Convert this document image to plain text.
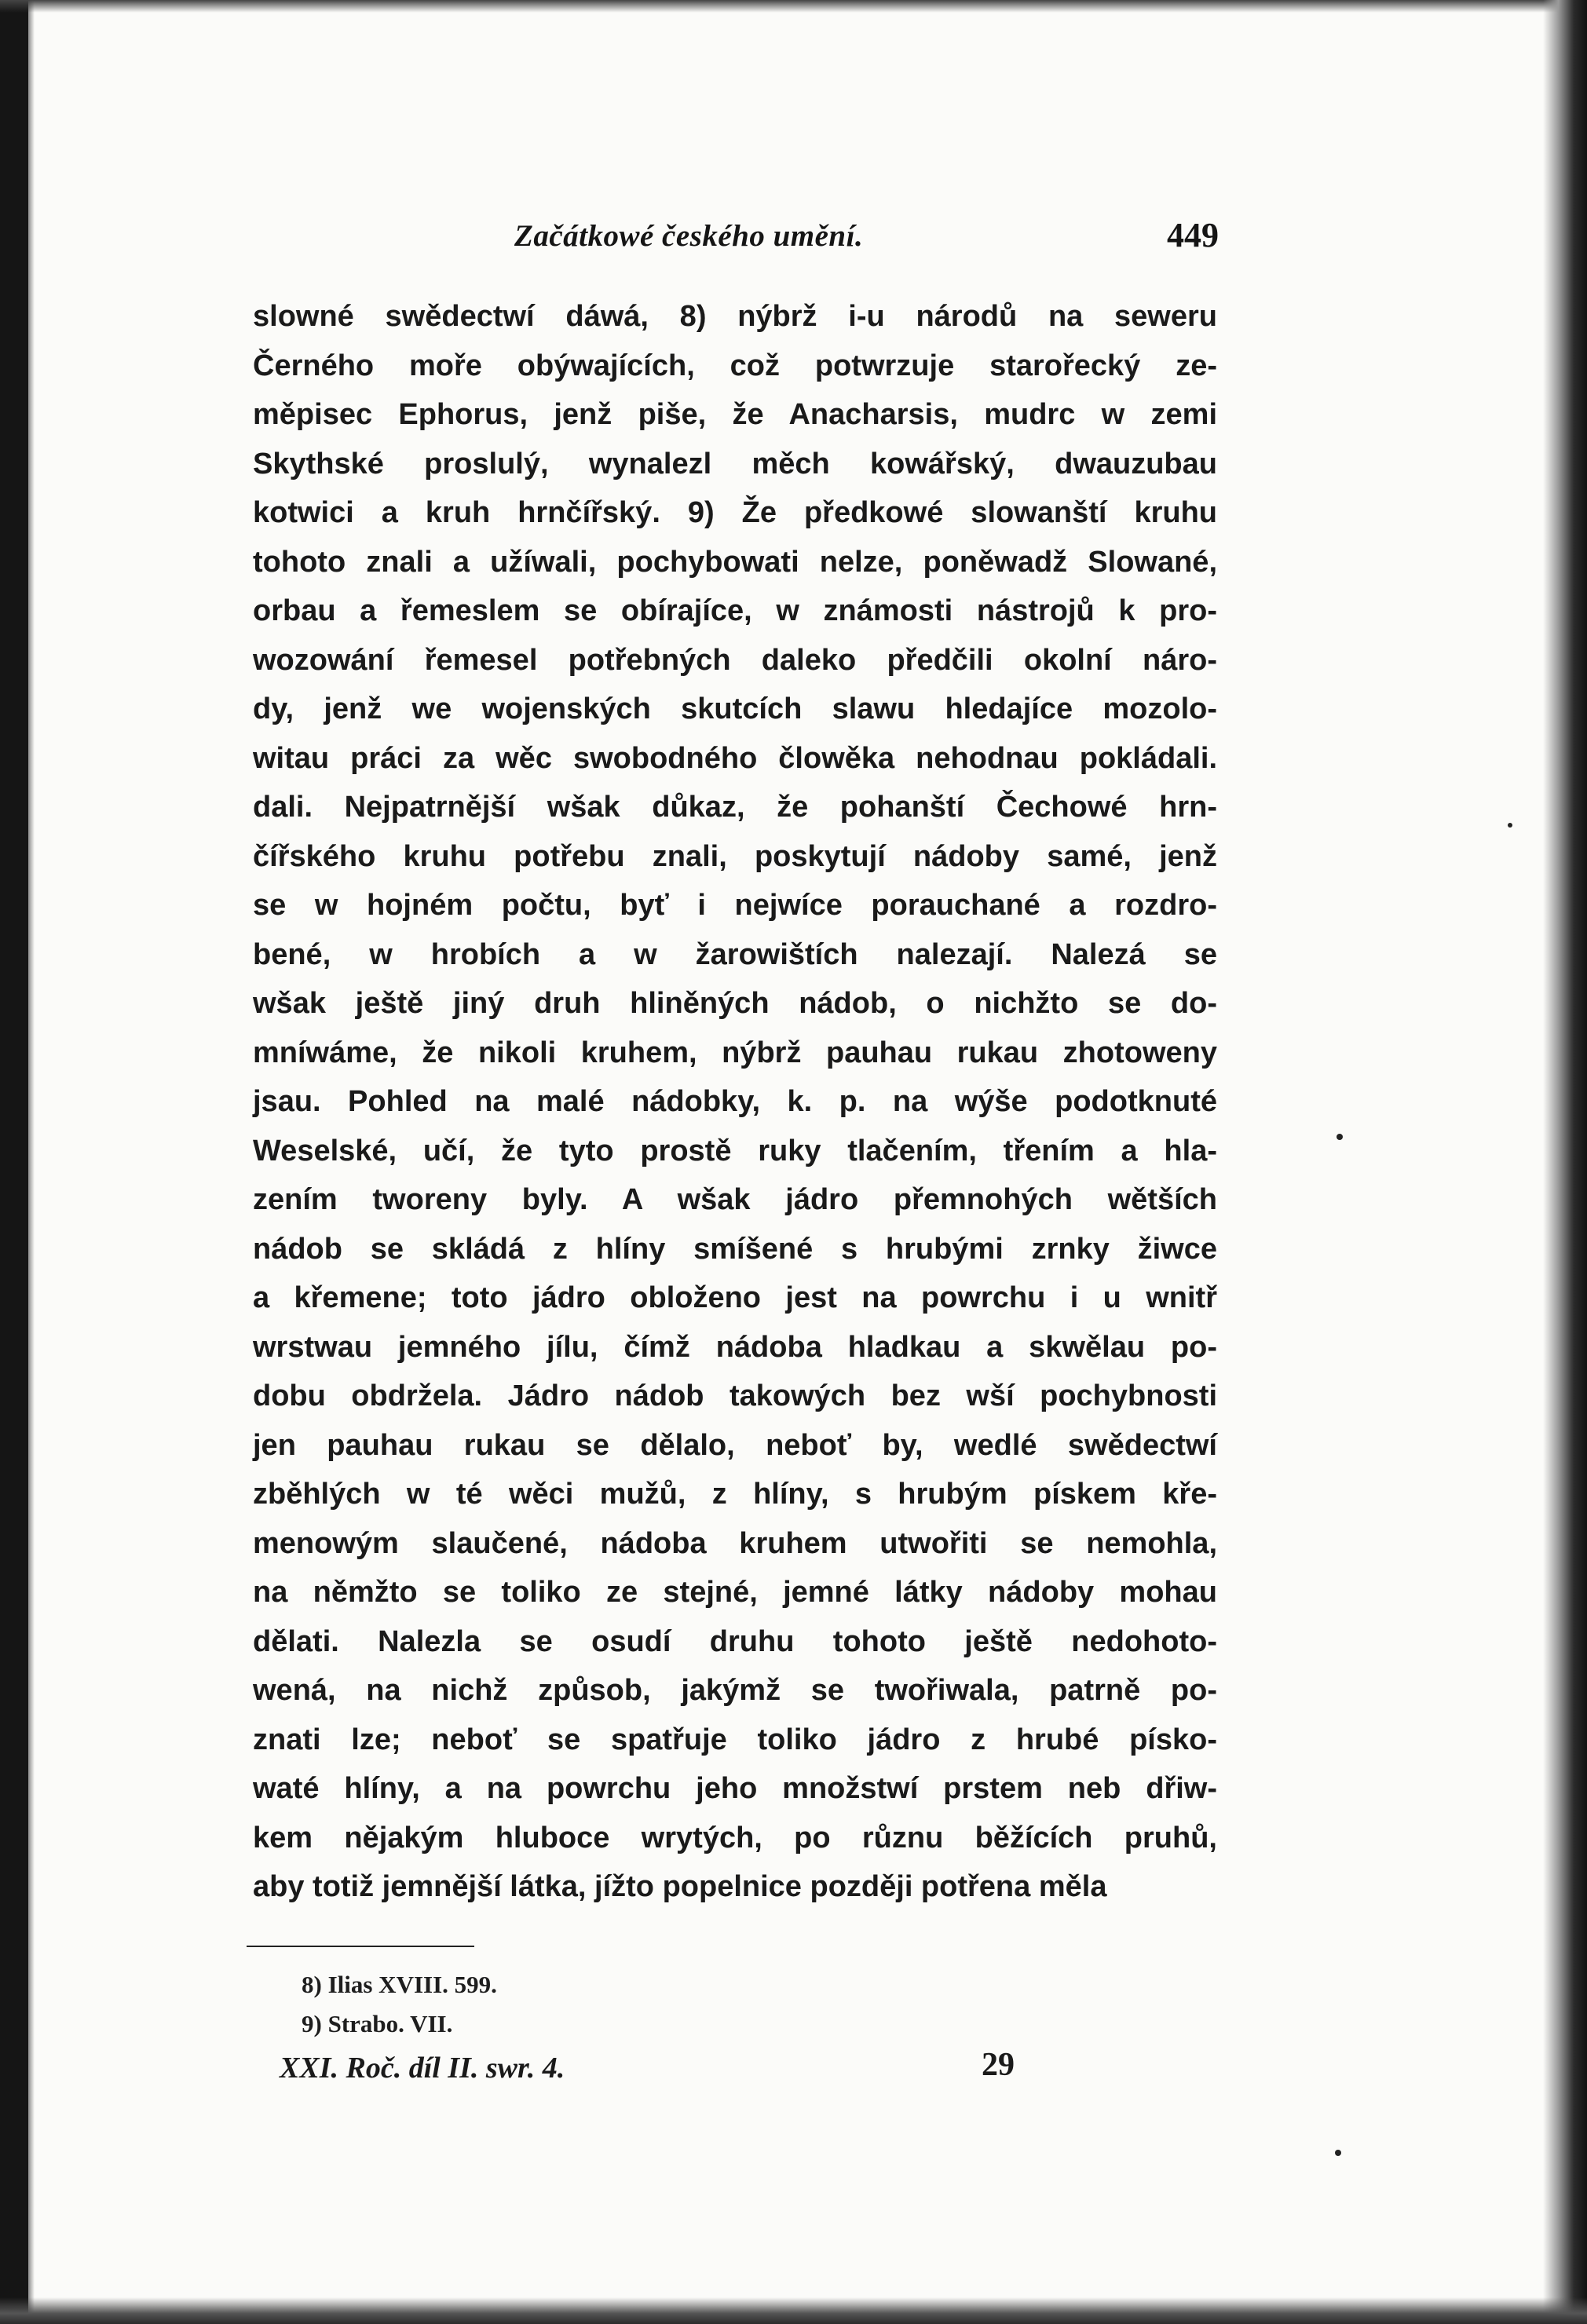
Začátkowé českého umění.	449
slowné swědectwí dáwá, 8) nýbrž i-u národů na seweru
Černého moře obýwajících, což potwrzuje starořecký ze-
měpisec Ephorus, jenž piše, že Anacharsis, mudrc w zemi
Skythské proslulý, wynalezl měch kowářský, dwauzubau
kotwici a kruh hrnčířský. 9) Že předkowé slowanští kruhu
tohoto znali a užíwali, pochybowati nelze, poněwadž Slowané,
orbau a řemeslem se obírajíce, w známosti nástrojů k pro-
wozowání řemesel potřebných daleko předčili okolní náro-
dy, jenž we wojenských skutcích slawu hledajíce mozolo-
witau práci za wěc swobodného člowěka nehodnau pokládali.
dali. Nejpatrnější wšak důkaz, že pohanští Čechowé hrn-
čířského kruhu potřebu znali, poskytují nádoby samé, jenž
se w hojném počtu, byť i nejwíce porauchané a rozdro-
bené, w hrobích a w žarowištích nalezají. Nalezá se
wšak ještě jiný druh hliněných nádob, o nichžto se do-
mníwáme, že nikoli kruhem, nýbrž pauhau rukau zhotoweny
jsau. Pohled na malé nádobky, k. p. na wýše podotknuté
Weselské, učí, že tyto prostě ruky tlačením, třením a hla-
zením tworeny byly. A wšak jádro přemnohých wětších
nádob se skládá z hlíny smíšené s hrubými zrnky žiwce
a křemene; toto jádro obloženo jest na powrchu i u wnitř
wrstwau jemného jílu, čímž nádoba hladkau a skwělau po-
dobu obdržela. Jádro nádob takowých bez wší pochybnosti
jen pauhau rukau se dělalo, neboť by, wedlé swědectwí
zběhlých w té wěci mužů, z hlíny, s hrubým pískem kře-
menowým slaučené, nádoba kruhem utwořiti se nemohla,
na němžto se toliko ze stejné, jemné látky nádoby mohau
dělati. Nalezla se osudí druhu tohoto ještě nedohoto-
wená, na nichž způsob, jakýmž se twořiwala, patrně po-
znati lze; neboť se spatřuje toliko jádro z hrubé písko-
waté hlíny, a na powrchu jeho množstwí prstem neb dřiw-
kem nějakým hluboce wrytých, po různu běžících pruhů,
aby totiž jemnější látka, jížto popelnice později potřena měla
8) Ilias XVIII. 599.
9) Strabo. VII.
XXI. Roč. díl II. swr. 4.	29
